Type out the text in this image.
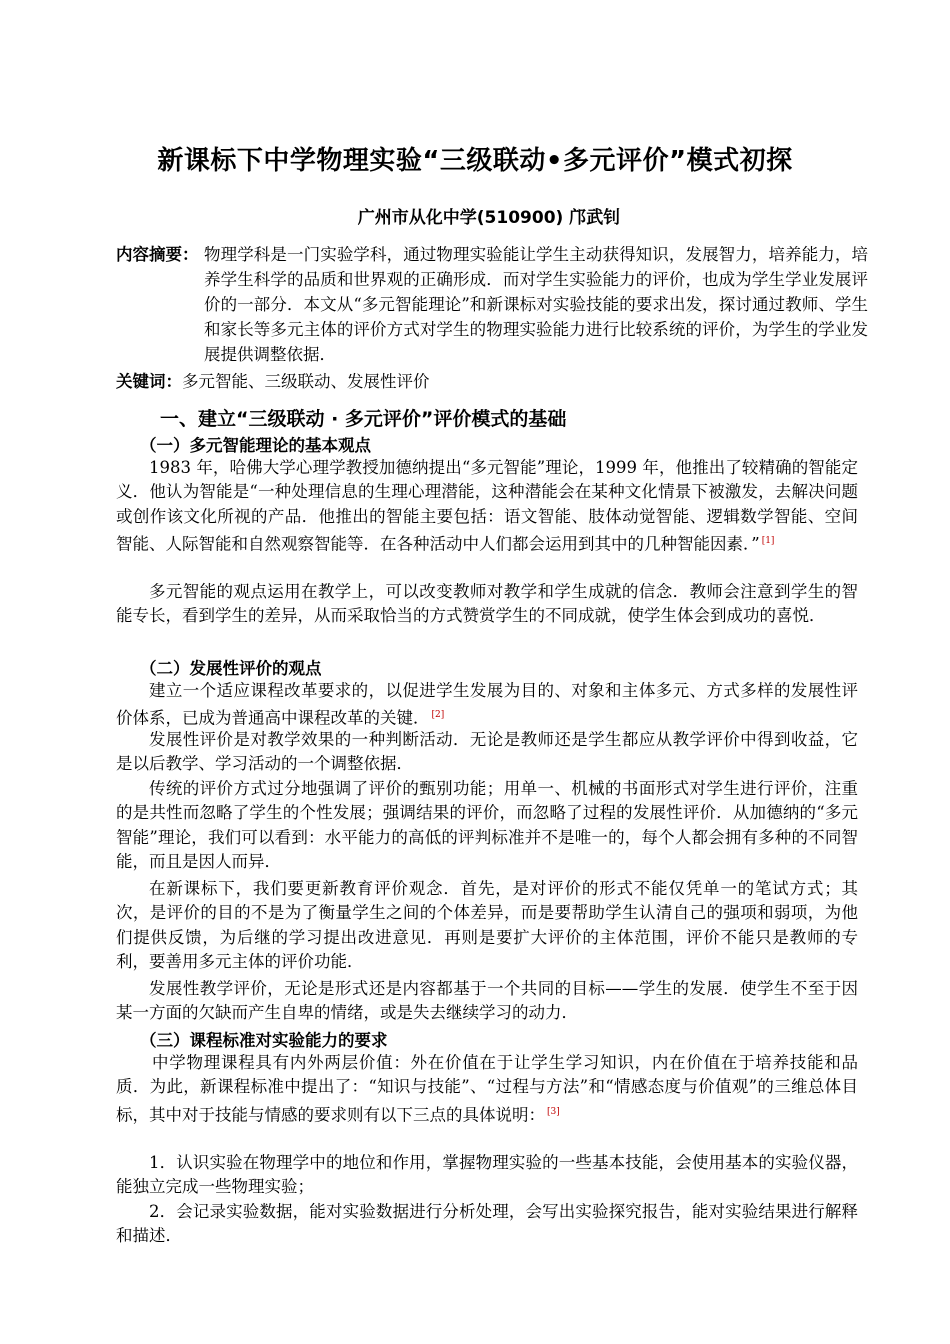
新课标下中学物理实验“三级联动•多元评价”模式初探
广州市从化中学(510900) 邝武钊
内容摘要： 物理学科是一门实验学科，通过物理实验能让学生主动获得知识，发展智力，培养能力，培养学生科学的品质和世界观的正确形成．而对学生实验能力的评价，也成为学生学业发展评价的一部分．本文从“多元智能理论”和新课标对实验技能的要求出发，探讨通过教师、学生和家长等多元主体的评价方式对学生的物理实验能力进行比较系统的评价，为学生的学业发展提供调整依据．
关键词：多元智能、三级联动、发展性评价
一、建立“三级联动 · 多元评价”评价模式的基础
（一）多元智能理论的基本观点
1983 年，哈佛大学心理学教授加德纳提出“多元智能”理论，1999 年，他推出了较精确的智能定义．他认为智能是“一种处理信息的生理心理潜能，这种潜能会在某种文化情景下被激发，去解决问题或创作该文化所视的产品．他推出的智能主要包括：语文智能、肢体动觉智能、逻辑数学智能、空间智能、人际智能和自然观察智能等．在各种活动中人们都会运用到其中的几种智能因素．” [1]
多元智能的观点运用在教学上，可以改变教师对教学和学生成就的信念．教师会注意到学生的智能专长，看到学生的差异，从而采取恰当的方式赞赏学生的不同成就，使学生体会到成功的喜悦．
（二）发展性评价的观点
建立一个适应课程改革要求的，以促进学生发展为目的、对象和主体多元、方式多样的发展性评价体系，已成为普通高中课程改革的关键． [2]
发展性评价是对教学效果的一种判断活动．无论是教师还是学生都应从教学评价中得到收益，它是以后教学、学习活动的一个调整依据．
传统的评价方式过分地强调了评价的甄别功能；用单一、机械的书面形式对学生进行评价，注重的是共性而忽略了学生的个性发展；强调结果的评价，而忽略了过程的发展性评价．从加德纳的“多元智能”理论，我们可以看到：水平能力的高低的评判标准并不是唯一的，每个人都会拥有多种的不同智能，而且是因人而异．
在新课标下，我们要更新教育评价观念．首先，是对评价的形式不能仅凭单一的笔试方式；其次，是评价的目的不是为了衡量学生之间的个体差异，而是要帮助学生认清自己的强项和弱项，为他们提供反馈，为后继的学习提出改进意见．再则是要扩大评价的主体范围，评价不能只是教师的专利，要善用多元主体的评价功能．
发展性教学评价，无论是形式还是内容都基于一个共同的目标——学生的发展．使学生不至于因某一方面的欠缺而产生自卑的情绪，或是失去继续学习的动力．
（三）课程标准对实验能力的要求
中学物理课程具有内外两层价值：外在价值在于让学生学习知识，内在价值在于培养技能和品质．为此，新课程标准中提出了：“知识与技能”、“过程与方法”和“情感态度与价值观”的三维总体目标，其中对于技能与情感的要求则有以下三点的具体说明： [3]
1．认识实验在物理学中的地位和作用，掌握物理实验的一些基本技能，会使用基本的实验仪器，能独立完成一些物理实验；
2．会记录实验数据，能对实验数据进行分析处理，会写出实验探究报告，能对实验结果进行解释和描述．
